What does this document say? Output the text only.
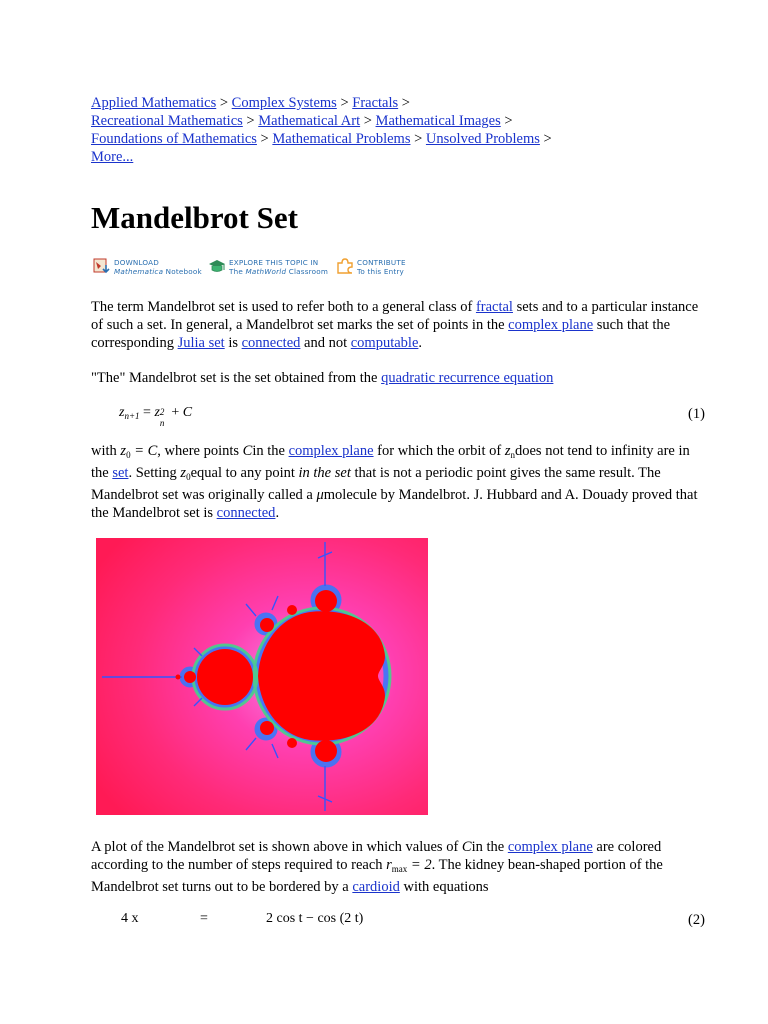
Applied Mathematics > Complex Systems > Fractals >
Recreational Mathematics > Mathematical Art > Mathematical Images >
Foundations of Mathematics > Mathematical Problems > Unsolved Problems >
More...
Mandelbrot Set
DOWNLOAD
Mathematica Notebook
EXPLORE THIS TOPIC IN
The MathWorld Classroom
CONTRIBUTE
To this Entry
The term Mandelbrot set is used to refer both to a general class of fractal sets and to a particular instance of such a set. In general, a Mandelbrot set marks the set of points in the complex plane such that the corresponding Julia set is connected and not computable.
"The" Mandelbrot set is the set obtained from the quadratic recurrence equation
$z_{n+1} = z$ 2
n
+ C	(1)
with $z_0 = C$, where points Cin the complex plane for which the orbit of $z_ndoes$ not tend to infinity are in the set. Setting $z_0equal$ to any point in the set that is not a periodic point gives the same result. The Mandelbrot set was originally called a μmolecule by Mandelbrot. J. Hubbard and A. Douady proved that the Mandelbrot set is connected.
A plot of the Mandelbrot set is shown above in which values of Cin the complex plane are colored according to the number of steps required to reach $r_{max} = 2$. The kidney bean-shaped portion of the Mandelbrot set turns out to be bordered by a cardioid with equations
4 x	=	2 cos t − cos (2 t)	(2)
